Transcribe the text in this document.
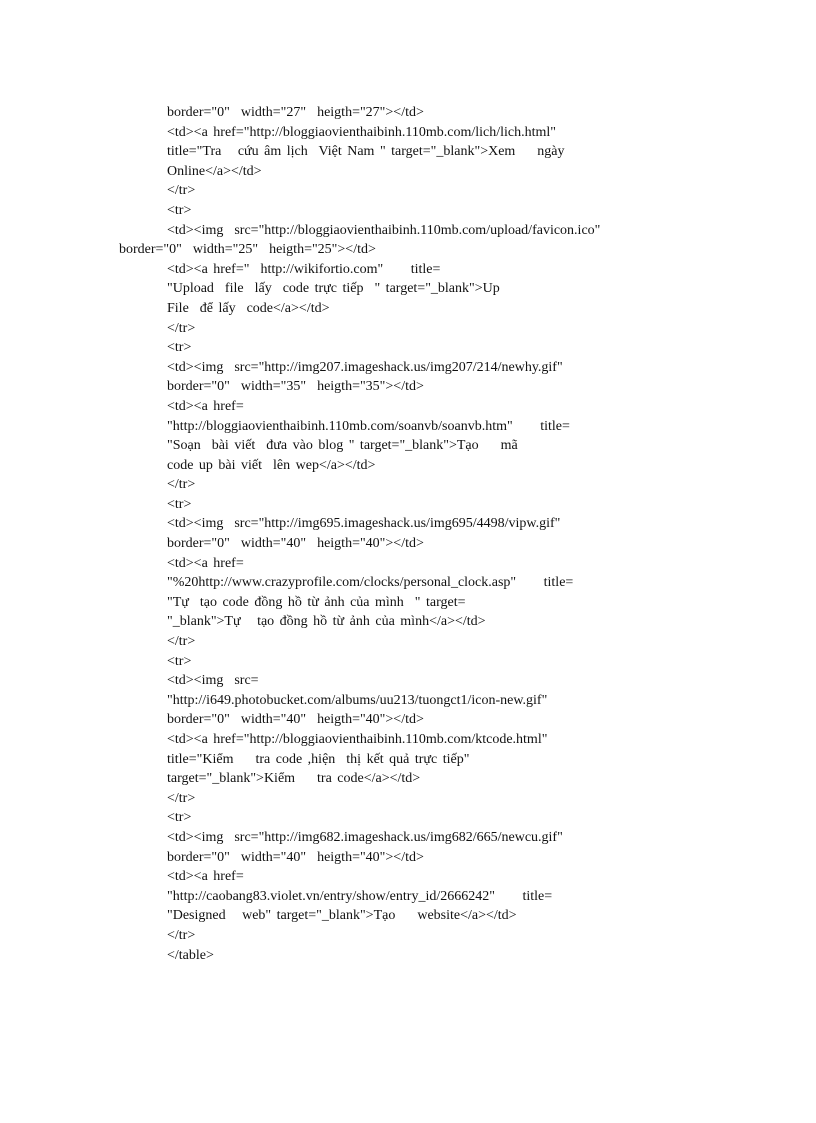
border="0"  width="27"  heigth="27"></td>
<td><a href="http://bloggiaovienthaibinh.110mb.com/lich/lich.html"
title="Tra   cứu âm lịch  Việt Nam " target="_blank">Xem    ngày
Online</a></td>
</tr>
<tr>
<td><img  src="http://bloggiaovienthaibinh.110mb.com/upload/favicon.ico"
border="0"  width="25"  heigth="25"></td>
<td><a href="  http://wikifortio.com"     title=
"Upload  file  lấy  code trực tiếp  " target="_blank">Up
File  để lấy  code</a></td>
</tr>
<tr>
<td><img  src="http://img207.imageshack.us/img207/214/newhy.gif"
border="0"  width="35"  heigth="35"></td>
<td><a href=
"http://bloggiaovienthaibinh.110mb.com/soanvb/soanvb.htm"     title=
"Soạn  bài viết  đưa vào blog " target="_blank">Tạo    mã
code up bài viết  lên wep</a></td>
</tr>
<tr>
<td><img  src="http://img695.imageshack.us/img695/4498/vipw.gif"
border="0"  width="40"  heigth="40"></td>
<td><a href=
"%20http://www.crazyprofile.com/clocks/personal_clock.asp"     title=
"Tự  tạo code đồng hồ từ ảnh của mình  " target=
"_blank">Tự   tạo đồng hồ từ ảnh của mình</a></td>
</tr>
<tr>
<td><img  src=
"http://i649.photobucket.com/albums/uu213/tuongct1/icon-new.gif"
border="0"  width="40"  heigth="40"></td>
<td><a href="http://bloggiaovienthaibinh.110mb.com/ktcode.html"
title="Kiểm    tra code ,hiện  thị kết quả trực tiếp"
target="_blank">Kiểm    tra code</a></td>
</tr>
<tr>
<td><img  src="http://img682.imageshack.us/img682/665/newcu.gif"
border="0"  width="40"  heigth="40"></td>
<td><a href=
"http://caobang83.violet.vn/entry/show/entry_id/2666242"     title=
"Designed   web" target="_blank">Tạo    website</a></td>
</tr>
</table>
